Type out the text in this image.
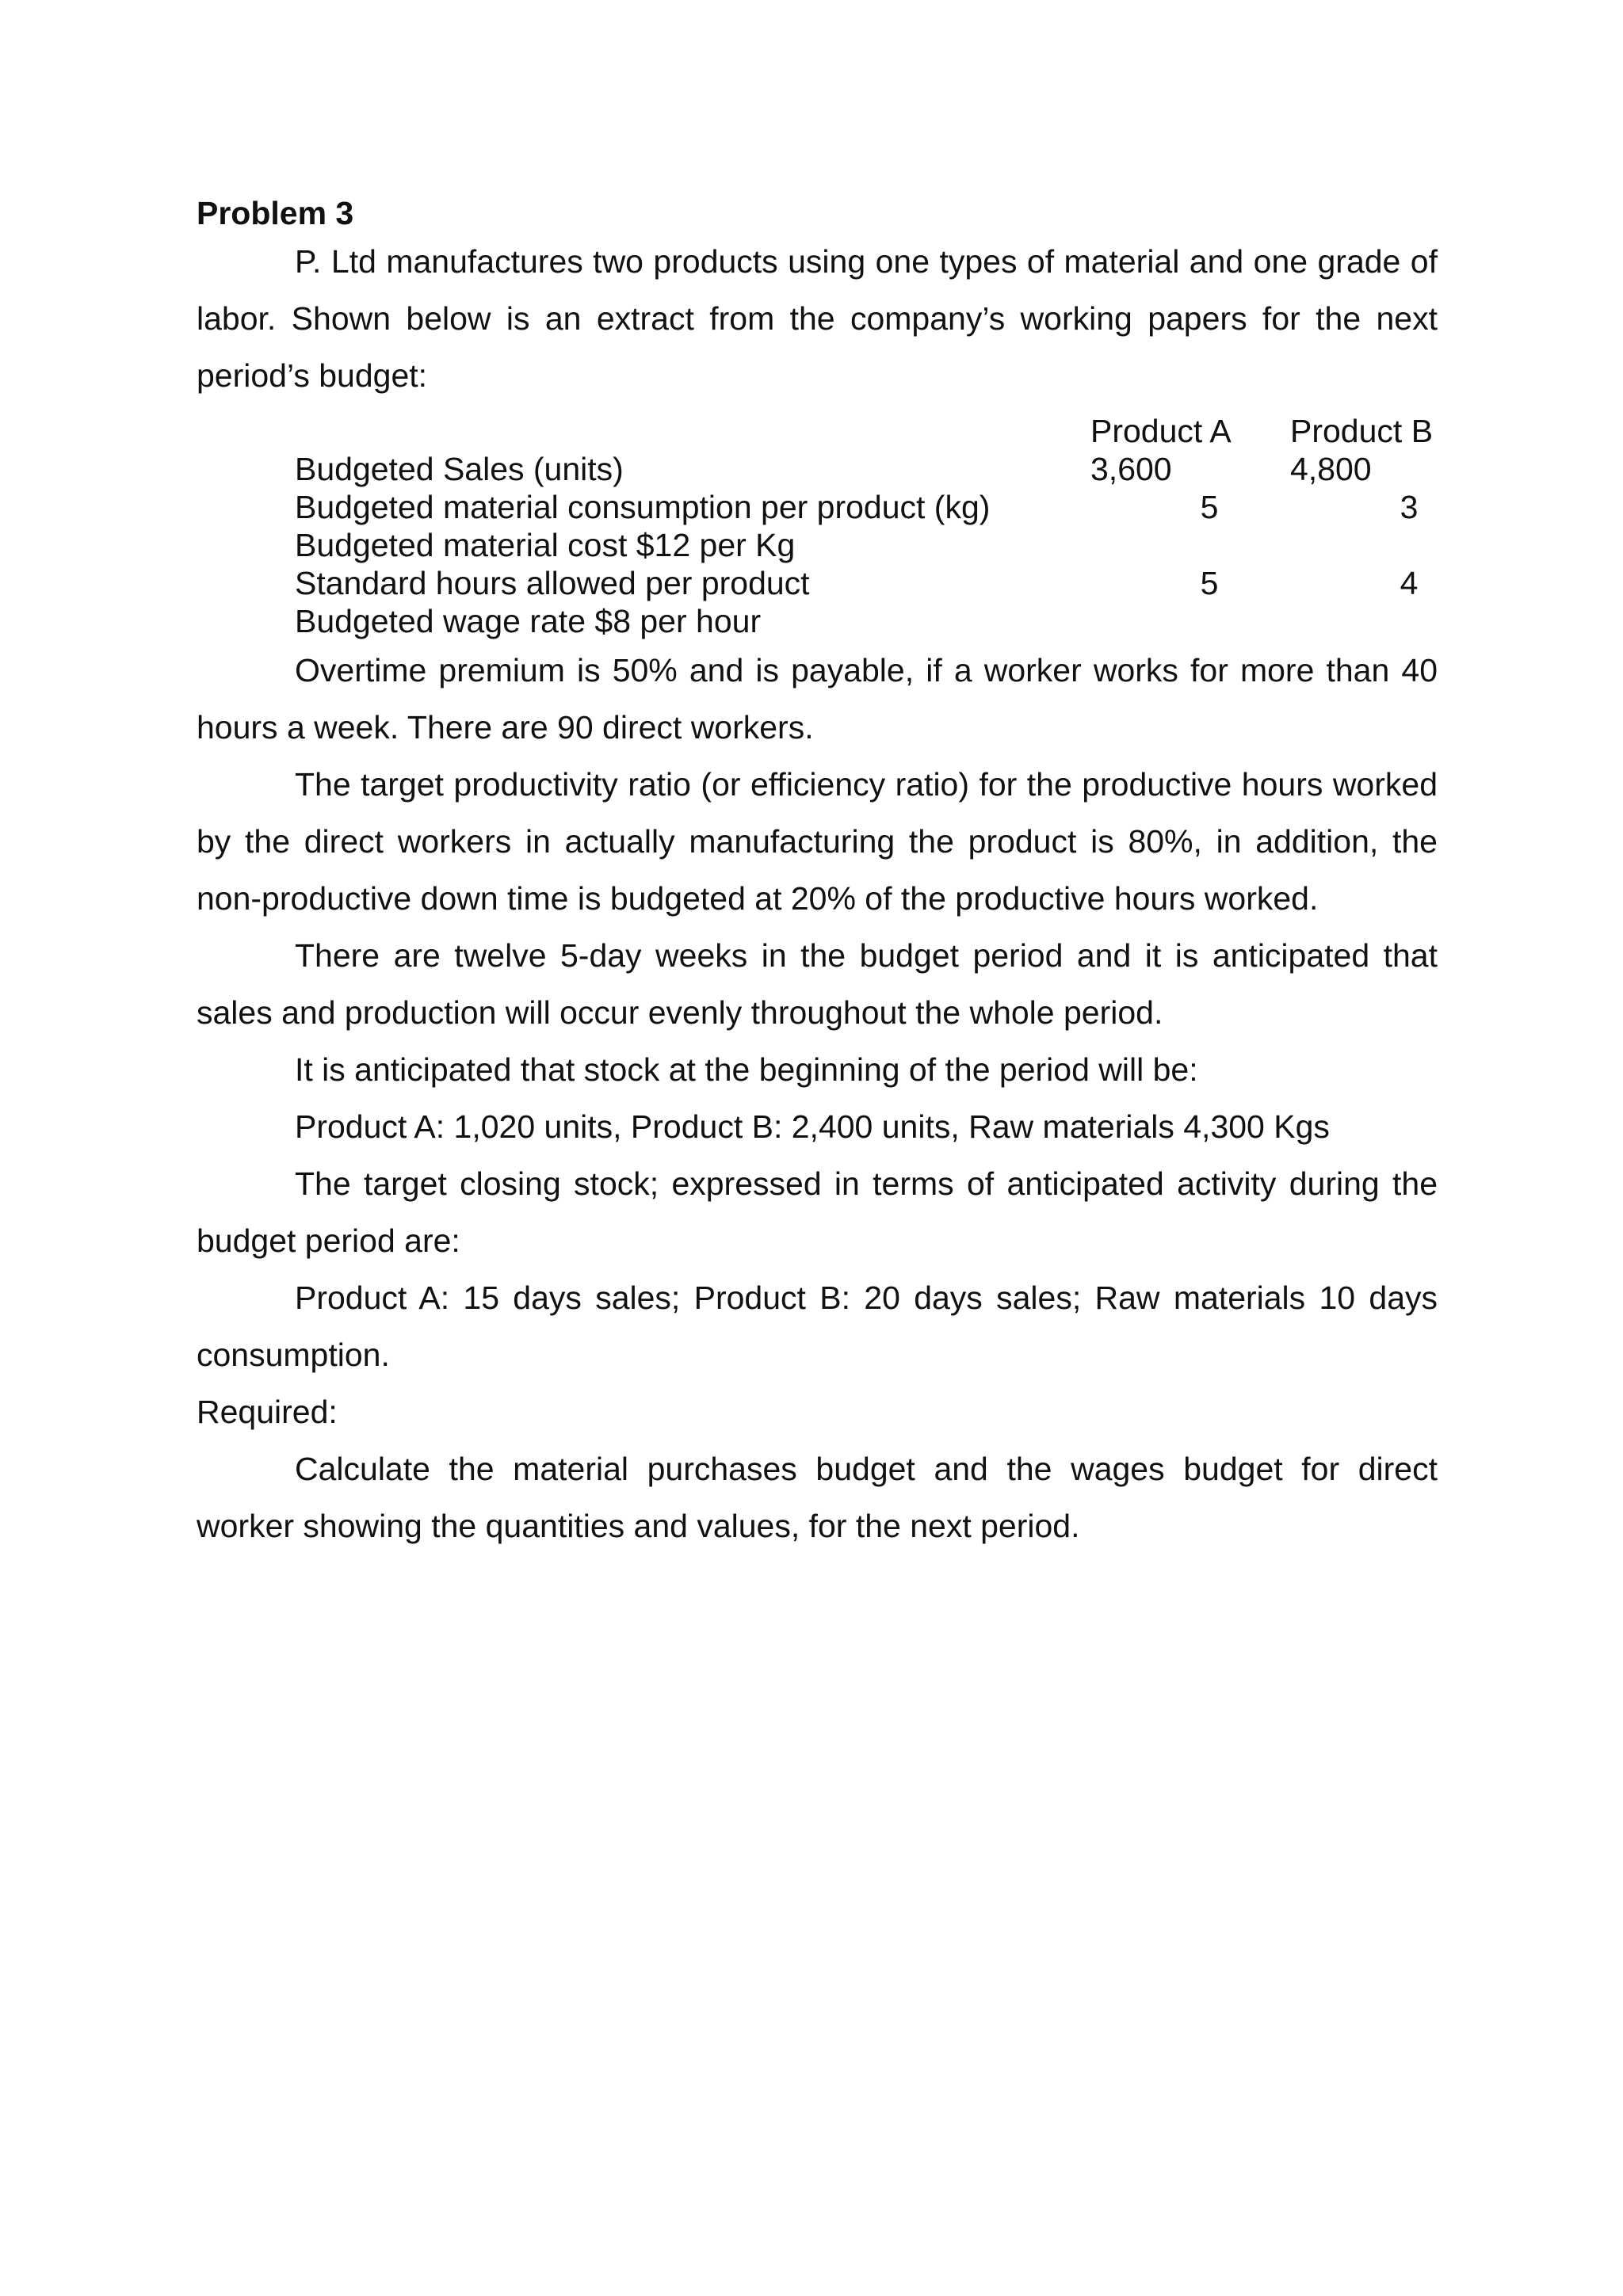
Problem 3

P. Ltd manufactures two products using one types of material and one grade of labor. Shown below is an extract from the company’s working papers for the next period’s budget:

Product A Product B
Budgeted Sales (units)	3,600	4,800
Budgeted material consumption per product (kg)	5	3
Budgeted material cost $12 per Kg
Standard hours allowed per product	5	4
Budgeted wage rate $8 per hour

Overtime premium is 50% and is payable, if a worker works for more than 40 hours a week. There are 90 direct workers.

The target productivity ratio (or efficiency ratio) for the productive hours worked by the direct workers in actually manufacturing the product is 80%, in addition, the non-productive down time is budgeted at 20% of the productive hours worked.

There are twelve 5-day weeks in the budget period and it is anticipated that sales and production will occur evenly throughout the whole period.

It is anticipated that stock at the beginning of the period will be:

Product A: 1,020 units, Product B: 2,400 units, Raw materials 4,300 Kgs

The target closing stock; expressed in terms of anticipated activity during the budget period are:

Product A: 15 days sales; Product B: 20 days sales; Raw materials 10 days consumption.

Required:

Calculate the material purchases budget and the wages budget for direct worker showing the quantities and values, for the next period.
